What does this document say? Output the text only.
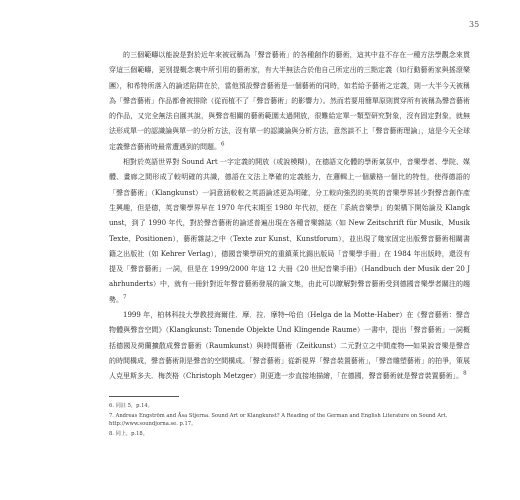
35

的三個範疇以能說是對於近年來被冠稱為「聲音藝術」的各種創作的藝術，這其中並不存在一種方法學觀念來貫穿這三個範疇，更別提概念裏中所引用的藝術家，有大半無法合於他自己所定出的三點定義（如行動藝術家與搖滾樂團），和希特所落入的論述陷阱在於，當他預設聲音藝術是一個藝術的同時，如若給予藝術之定義，則一大半今天被稱為「聲音藝術」作品都會被排除（從而植不了「聲音藝術」的影響力）。然而若要用簡單原則貫穿所有被稱為聲音藝術的作品，又完全無法自圓其說，與聲音相關的藝術範圍太過開放，很難給定單一類型研究對象，沒有固定對象，就無法形成單一的認識論與單一的分析方法，沒有單一的認識論與分析方法，意然談不上「聲音藝術理論」，這是今天全球定義聲音藝術時最常遭遇到的問題。$^6$

相對於英語世界對 Sound Art 一字定義的開放（或說模糊），在德語文化體的學術氣氛中，音樂學者、學院、媒體、畫廊之間形成了較明確的共識，德語在文法上準確的定義能力，在邏輯上一個嚴格一個比的特性，使得德語的「聲音藝術」（Klangkunst）一詞意涵較較之英語論述更為明確，分工較向強烈的美英的音樂學界甚少對聲音創作產生興趣，但是德，英音樂學界早在 1970 年代末期至 1980 年代初，便在「系統音樂學」的架構下開始論及 Klangkunst，到了 1990 年代，對於聲音藝術的論述普遍出現在各種音樂雜誌（如 New Zeitschrift für Musik、MusikTexte、Positionen），藝術雜誌之中（Texte zur Kunst、Kunstforum），並出現了幾家固定出版聲音藝術相關書籍之出版社（如 Kehrer Verlag），德國音樂學研究的重鎮萊比錫出版局「音樂學手冊」在 1984 年出版時，還沒有提及「聲音藝術」一詞，但是在 1999/2000 年這 12 大冊《20 世紀音樂手冊》（Handbuch der Musik der 20 Jahrhunderts）中，就有一冊針對近年聲音藝術發展的論文集，由此可以瞭解對聲音藝術受到德國音樂學者關注的趨勢。$^7$

1999 年，柏林科技大學教授海爾佳．摩．拉．摩特─哈伯（Helga de la Motte-Haber）在《聲音藝術：聲音物體與聲音空間》（Klangkunst: Tonende Objekte Und Klingende Raume）一書中，提出「聲音藝術」一詞概括德國及荷蘭擴散成聲音藝術（Raumkunst）與時間藝術（Zeitkunst）二元對立之中間產物──如果說音樂是聲音的時間構成，聲音藝術則是聲音的空間構成。「聲音藝術」從新視界「聲音裝置藝術」，「聲音雕塑藝術」的拍爭，策展人克里斯多夫．梅茨格（Christoph Metzger）則更進一步直接地描繪，「在德國，聲音藝術就是聲音裝置藝術」。$^8$

6. 同註 5，p.14。

7. Andreas Engström and Åsa Stjerna. Sound Art or Klangkunst? A Reading of the German and English Literature on Sound Art. http://www.soundjorna.se. p.17。

8. 同上，p.18。
